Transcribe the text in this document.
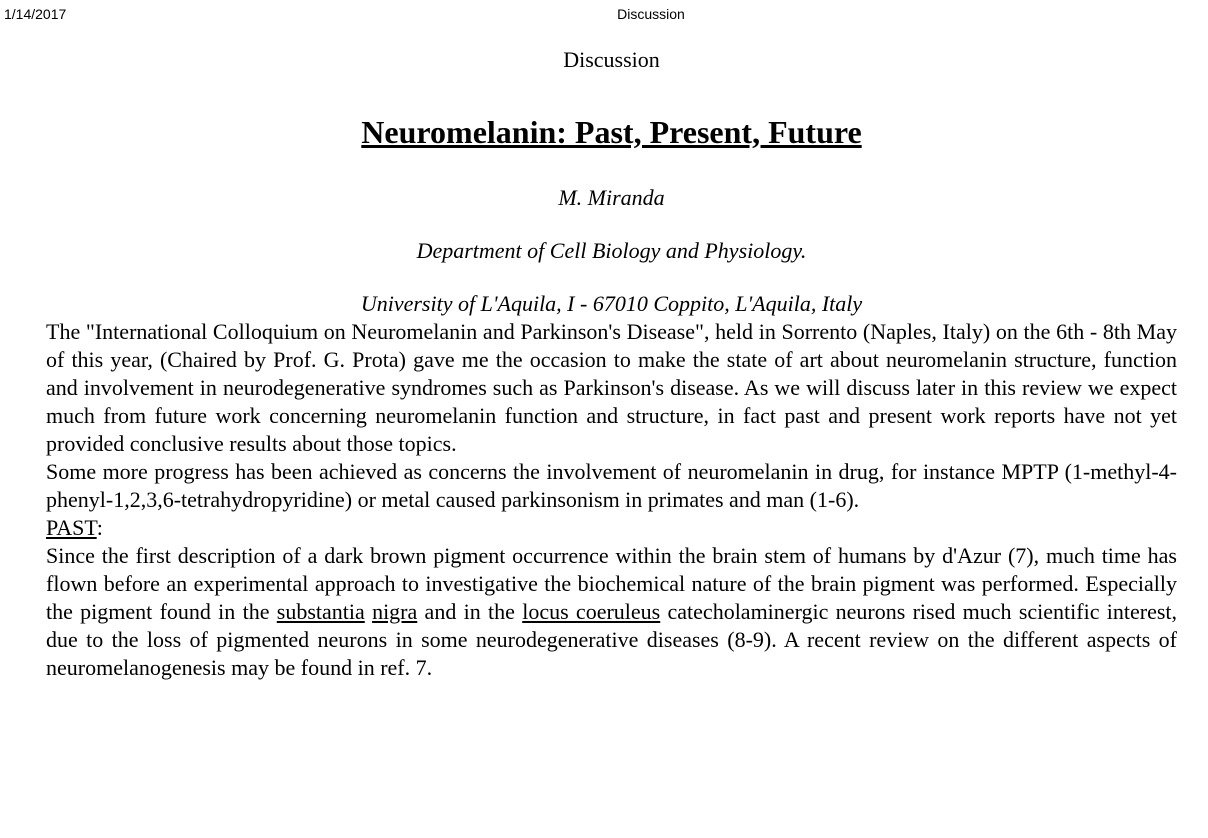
1/14/2017	Discussion
Discussion
Neuromelanin: Past, Present, Future

M. Miranda

Department of Cell Biology and Physiology.

University of L'Aquila, I - 67010 Coppito, L'Aquila, Italy

The "International Colloquium on Neuromelanin and Parkinson's Disease", held in Sorrento (Naples, Italy) on the 6th - 8th May of this year, (Chaired by Prof. G. Prota) gave me the occasion to make the state of art about neuromelanin structure, function and involvement in neurodegenerative syndromes such as Parkinson's disease. As we will discuss later in this review we expect much from future work concerning neuromelanin function and structure, in fact past and present work reports have not yet provided conclusive results about those topics.

Some more progress has been achieved as concerns the involvement of neuromelanin in drug, for instance MPTP (1-methyl-4-phenyl-1,2,3,6-tetrahydropyridine) or metal caused parkinsonism in primates and man (1-6).

PAST:

Since the first description of a dark brown pigment occurrence within the brain stem of humans by d'Azur (7), much time has flown before an experimental approach to investigative the biochemical nature of the brain pigment was performed. Especially the pigment found in the substantia nigra and in the locus coeruleus catecholaminergic neurons rised much scientific interest, due to the loss of pigmented neurons in some neurodegenerative diseases (8-9). A recent review on the different aspects of neuromelanogenesis may be found in ref. 7.
